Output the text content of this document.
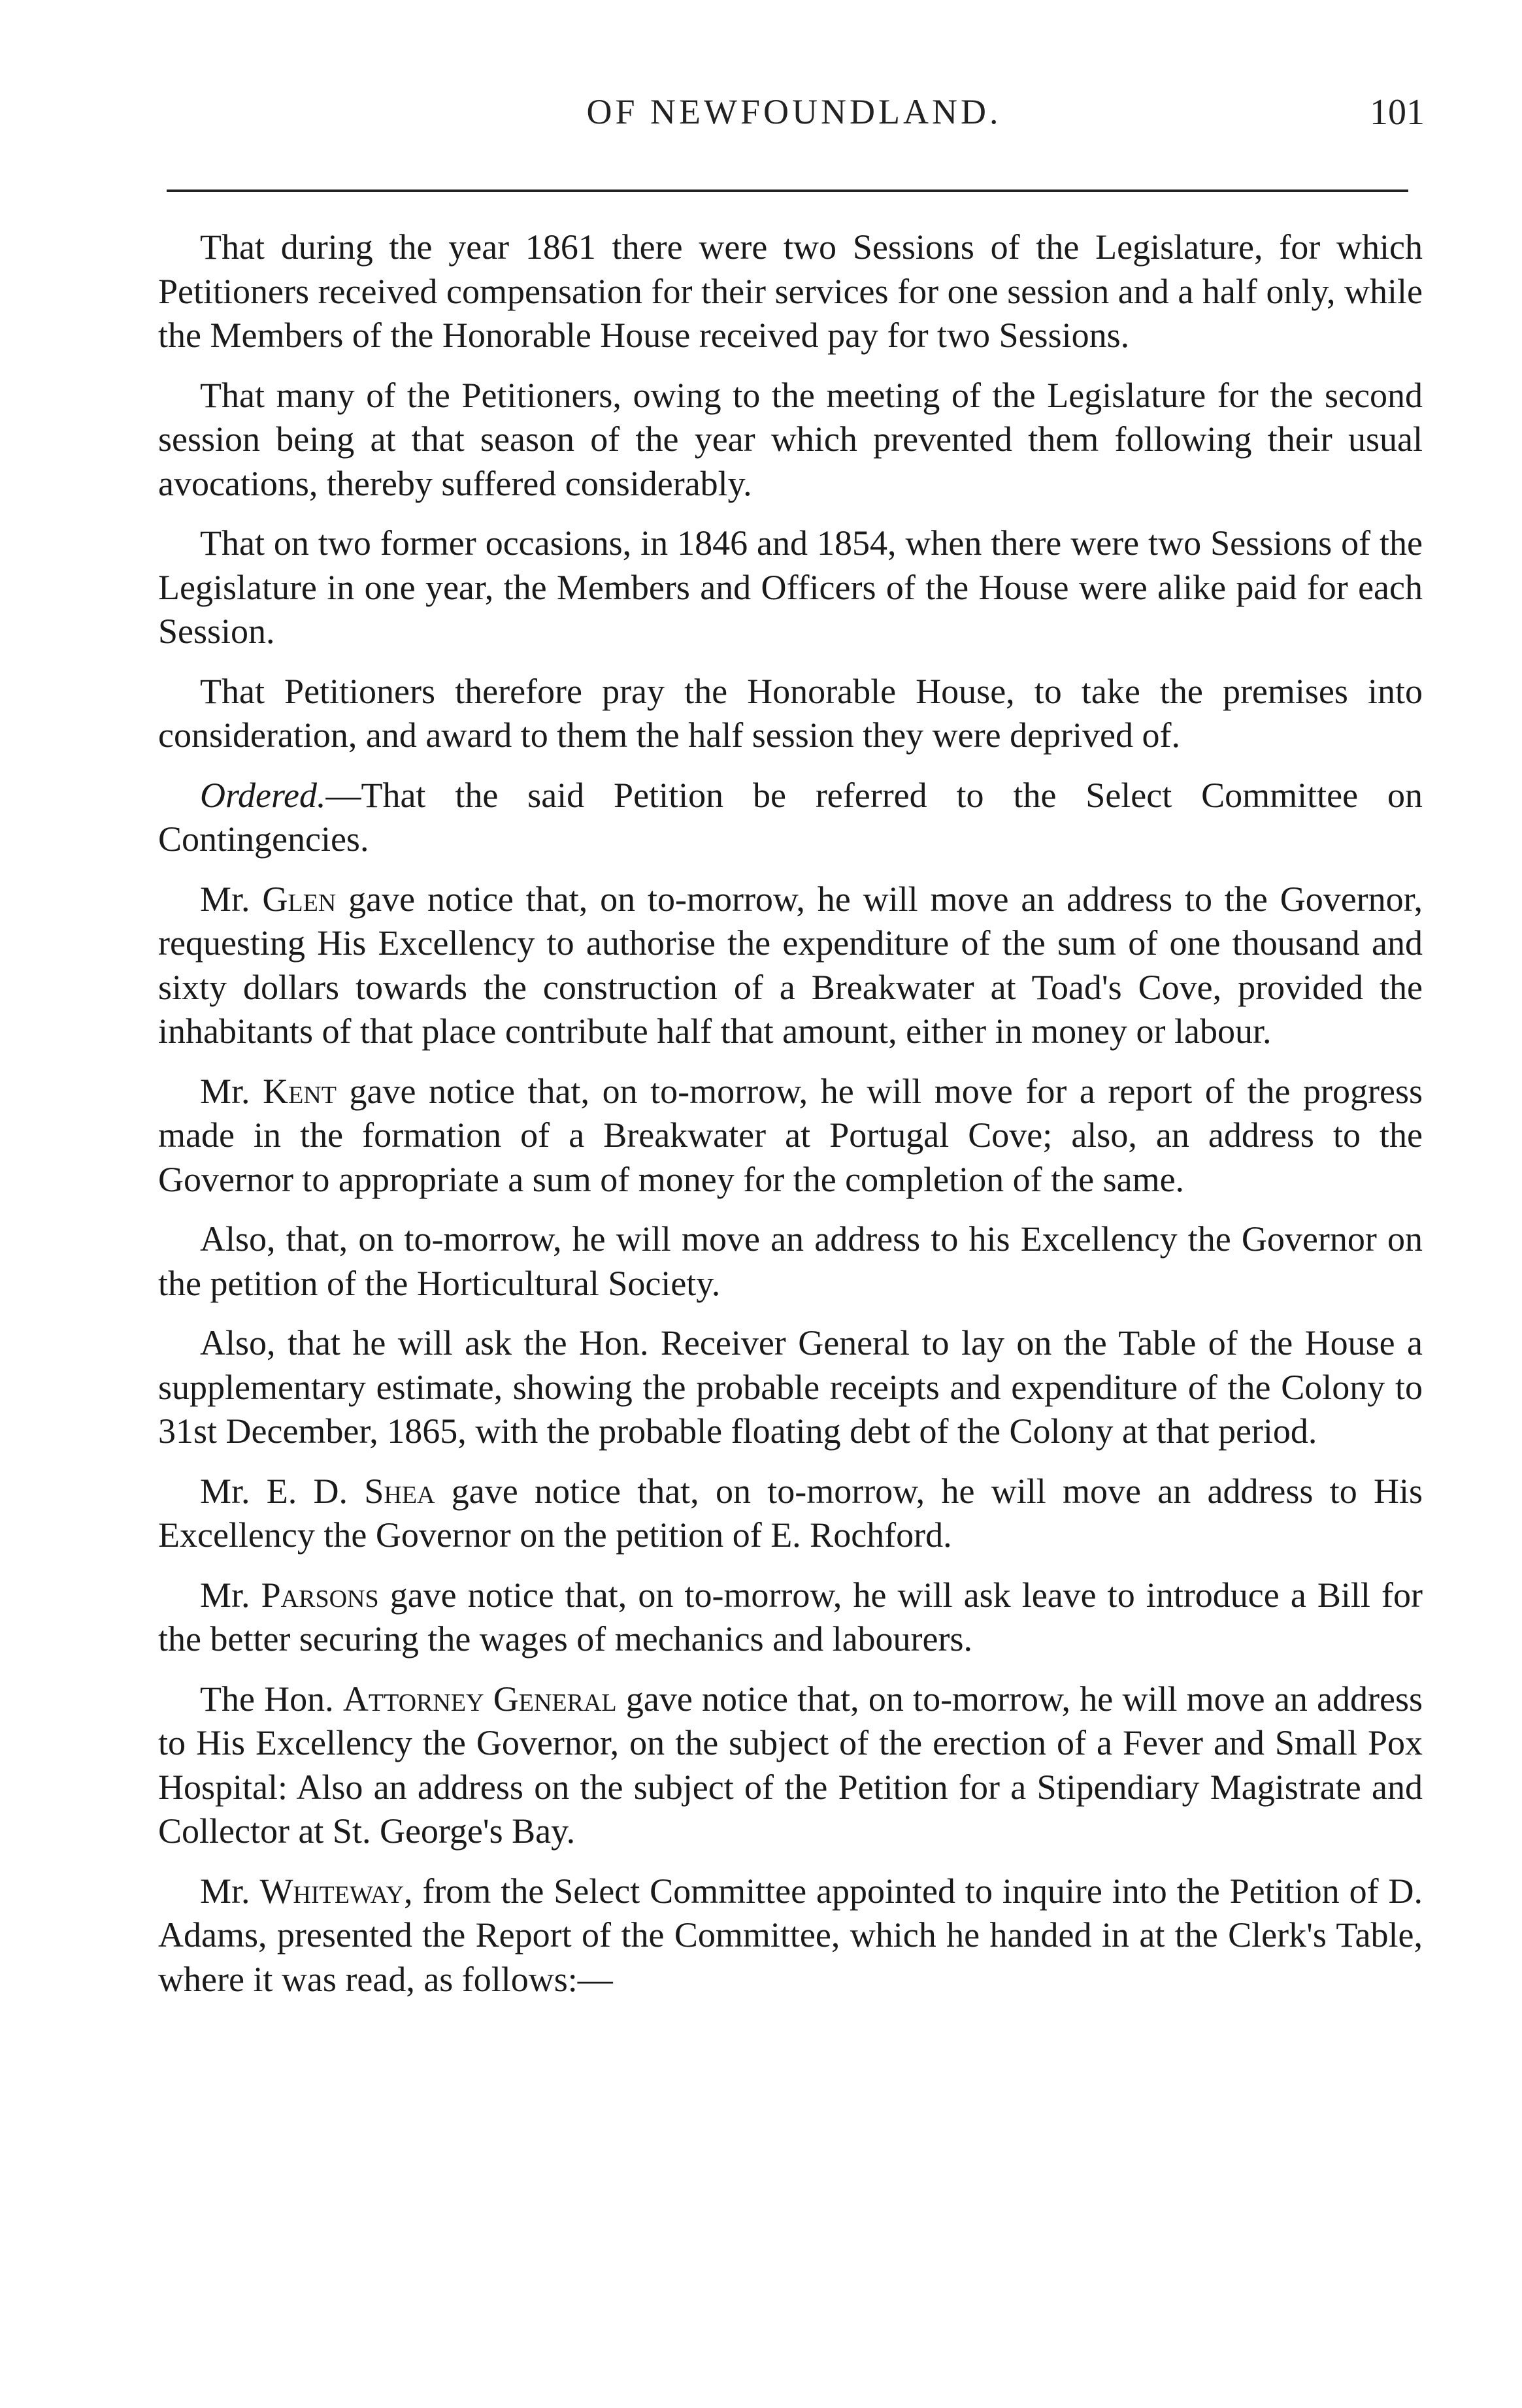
OF NEWFOUNDLAND.	101

That during the year 1861 there were two Sessions of the Legislature, for which Petitioners received compensation for their services for one session and a half only, while the Members of the Honorable House received pay for two Sessions.

That many of the Petitioners, owing to the meeting of the Legislature for the second session being at that season of the year which prevented them following their usual avocations, thereby suffered considerably.

That on two former occasions, in 1846 and 1854, when there were two Sessions of the Legislature in one year, the Members and Officers of the House were alike paid for each Session.

That Petitioners therefore pray the Honorable House, to take the premises into consideration, and award to them the half session they were deprived of.

Ordered.—That the said Petition be referred to the Select Committee on Contingencies.

Mr. Glen gave notice that, on to-morrow, he will move an address to the Governor, requesting His Excellency to authorise the expenditure of the sum of one thousand and sixty dollars towards the construction of a Breakwater at Toad's Cove, provided the inhabitants of that place contribute half that amount, either in money or labour.

Mr. Kent gave notice that, on to-morrow, he will move for a report of the progress made in the formation of a Breakwater at Portugal Cove; also, an address to the Governor to appropriate a sum of money for the completion of the same.

Also, that, on to-morrow, he will move an address to his Excellency the Governor on the petition of the Horticultural Society.

Also, that he will ask the Hon. Receiver General to lay on the Table of the House a supplementary estimate, showing the probable receipts and expenditure of the Colony to 31st December, 1865, with the probable floating debt of the Colony at that period.

Mr. E. D. Shea gave notice that, on to-morrow, he will move an address to His Excellency the Governor on the petition of E. Rochford.

Mr. Parsons gave notice that, on to-morrow, he will ask leave to introduce a Bill for the better securing the wages of mechanics and labourers.

The Hon. Attorney General gave notice that, on to-morrow, he will move an address to His Excellency the Governor, on the subject of the erection of a Fever and Small Pox Hospital: Also an address on the subject of the Petition for a Stipendiary Magistrate and Collector at St. George's Bay.

Mr. Whiteway, from the Select Committee appointed to inquire into the Petition of D. Adams, presented the Report of the Committee, which he handed in at the Clerk's Table, where it was read, as follows:—
